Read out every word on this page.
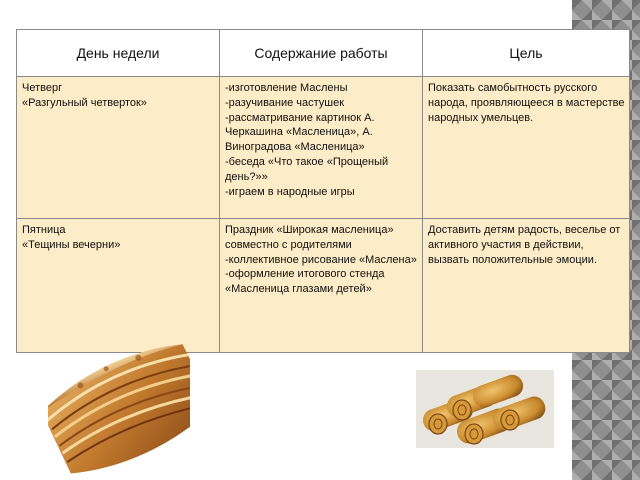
День недели	Содержание работы	Цель
Четверг
«Разгульный четверток»	-изготовление Маслены
-разучивание частушек
-рассматривание картинок А. Черкашина «Масленица», А. Виноградова «Масленица»
-беседа «Что такое «Прощеный день?»»
-играем в народные игры	Показать самобытность русского народа, проявляющееся в мастерстве народных умельцев.
Пятница
«Тещины вечерни»	Праздник «Широкая масленица» совместно с родителями
-коллективное рисование «Маслена»
-оформление итогового стенда «Масленица глазами детей»	Доставить детям радость, веселье от активного участия в действии, вызвать положительные эмоции.
